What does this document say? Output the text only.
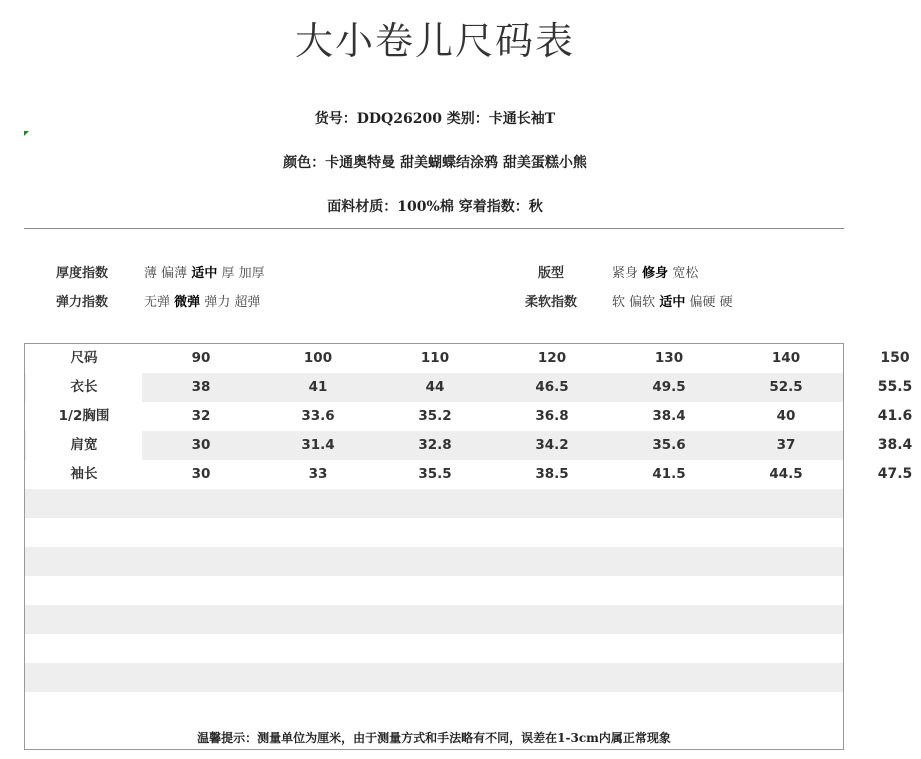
大小卷儿尺码表
货号：DDQ26200 类别：卡通长袖T
颜色：卡通奥特曼 甜美蝴蝶结涂鸦 甜美蛋糕小熊
面料材质：100%棉 穿着指数：秋
厚度指数	薄 偏薄 适中 厚 加厚
弹力指数	无弹 微弹 弹力 超弹
版型	紧身 修身 宽松
柔软指数	软 偏软 适中 偏硬 硬
尺码	90	100	110	120	130	140	150
衣长	38	41	44	46.5	49.5	52.5	55.5
1/2胸围	32	33.6	35.2	36.8	38.4	40	41.6
肩宽	30	31.4	32.8	34.2	35.6	37	38.4
袖长	30	33	35.5	38.5	41.5	44.5	47.5
温馨提示：测量单位为厘米，由于测量方式和手法略有不同，误差在1-3cm内属正常现象
